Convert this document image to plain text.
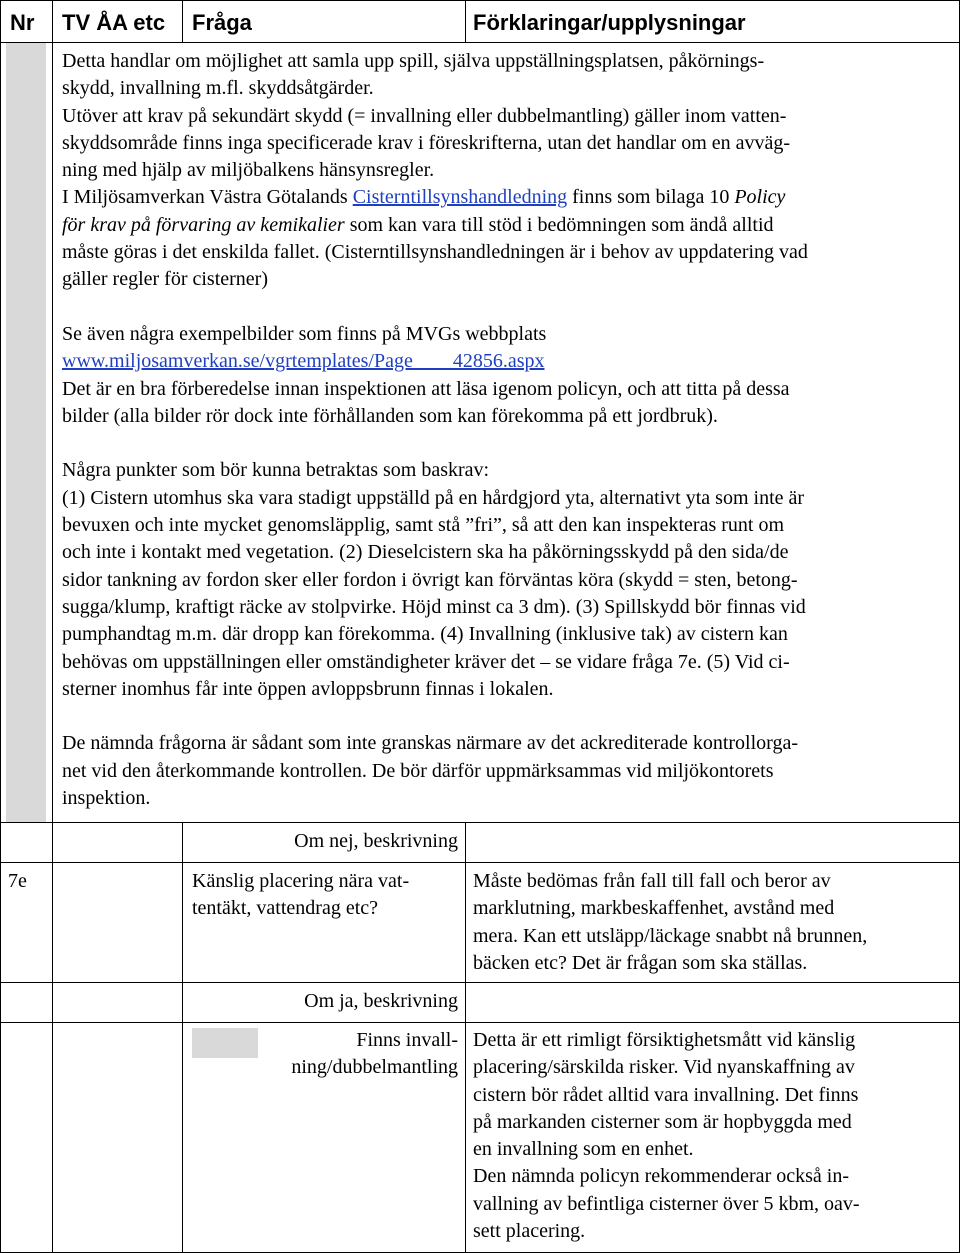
Nr TV ÅA etc Fråga	Förklaringar/upplysningar

Detta handlar om möjlighet att samla upp spill, själva uppställningsplatsen, påkörnings-

skydd, invallning m.fl. skyddsåtgärder.

Utöver att krav på sekundärt skydd (= invallning eller dubbelmantling) gäller inom vatten-

skyddsområde finns inga specificerade krav i föreskrifterna, utan det handlar om en avväg-

ning med hjälp av miljöbalkens hänsynsregler.

I Miljösamverkan Västra Götalands Cisterntillsynshandledning finns som bilaga 10 Policy

för krav på förvaring av kemikalier som kan vara till stöd i bedömningen som ändå alltid

måste göras i det enskilda fallet. (Cisterntillsynshandledningen är i behov av uppdatering vad

gäller regler för cisterner)

Se även några exempelbilder som finns på MVGs webbplats

www.miljosamverkan.se/vgrtemplates/Page____42856.aspx

Det är en bra förberedelse innan inspektionen att läsa igenom policyn, och att titta på dessa

bilder (alla bilder rör dock inte förhållanden som kan förekomma på ett jordbruk).

Några punkter som bör kunna betraktas som baskrav:

(1) Cistern utomhus ska vara stadigt uppställd på en hårdgjord yta, alternativt yta som inte är

bevuxen och inte mycket genomsläpplig, samt stå ”fri”, så att den kan inspekteras runt om

och inte i kontakt med vegetation. (2) Dieselcistern ska ha påkörningsskydd på den sida/de

sidor tankning av fordon sker eller fordon i övrigt kan förväntas köra (skydd = sten, betong-

sugga/klump, kraftigt räcke av stolpvirke. Höjd minst ca 3 dm). (3) Spillskydd bör finnas vid

pumphandtag m.m. där dropp kan förekomma. (4) Invallning (inklusive tak) av cistern kan

behövas om uppställningen eller omständigheter kräver det – se vidare fråga 7e. (5) Vid ci-

sterner inomhus får inte öppen avloppsbrunn finnas i lokalen.

De nämnda frågorna är sådant som inte granskas närmare av det ackrediterade kontrollorga-

net vid den återkommande kontrollen. De bör därför uppmärksammas vid miljökontorets

inspektion.

Om nej, beskrivning
7e	Känslig placering nära vat-

tentäkt, vattendrag etc?

Måste bedömas från fall till fall och beror av

marklutning, markbeskaffenhet, avstånd med

mera. Kan ett utsläpp/läckage snabbt nå brunnen,

bäcken etc? Det är frågan som ska ställas.

Om ja, beskrivning

Finns invall-

ning/dubbelmantling

Detta är ett rimligt försiktighetsmått vid känslig

placering/särskilda risker. Vid nyanskaffning av

cistern bör rådet alltid vara invallning. Det finns

på markanden cisterner som är hopbyggda med

en invallning som en enhet.

Den nämnda policyn rekommenderar också in-

vallning av befintliga cisterner över 5 kbm, oav-

sett placering.
